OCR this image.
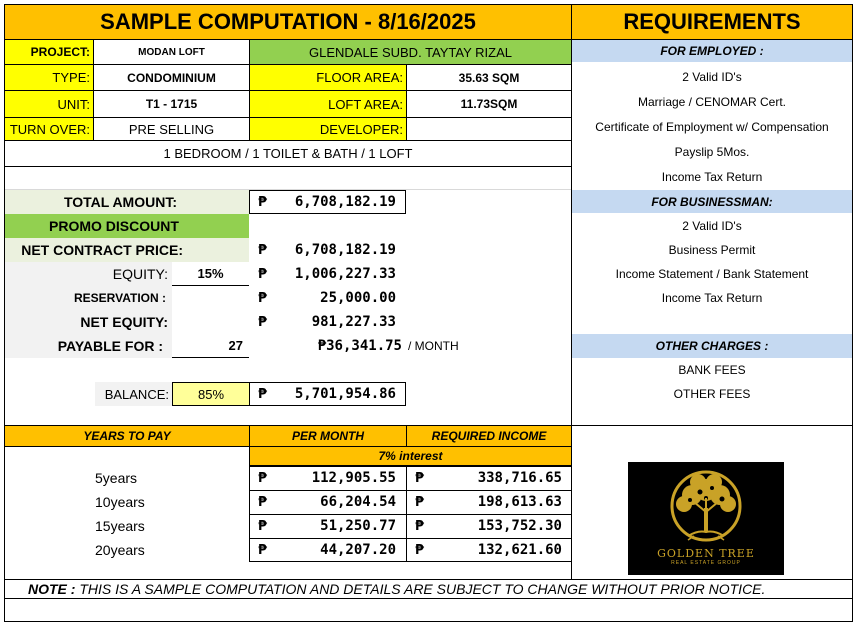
SAMPLE COMPUTATION - 8/16/2025	REQUIREMENTS
PROJECT:	MODAN LOFT	GLENDALE SUBD. TAYTAY RIZAL
TYPE:	CONDOMINIUM	FLOOR AREA:	35.63 SQM
UNIT:	T1 - 1715	LOFT AREA:	11.73SQM
TURN OVER:	PRE SELLING	DEVELOPER:
1 BEDROOM / 1 TOILET & BATH / 1 LOFT
TOTAL AMOUNT:	₱	6,708,182.19
PROMO DISCOUNT
NET CONTRACT PRICE:	₱	6,708,182.19
EQUITY:	15%	₱	1,006,227.33
RESERVATION :	₱	25,000.00
NET EQUITY:	₱	981,227.33
PAYABLE FOR :	27	₱36,341.75 / MONTH
BALANCE:	85%	₱	5,701,954.86
YEARS TO PAY	PER MONTH	REQUIRED INCOME
7% interest
5years	₱	112,905.55 ₱	338,716.65
10years	₱	66,204.54 ₱	198,613.63
15years	₱	51,250.77 ₱	153,752.30
20years	₱	44,207.20 ₱	132,621.60
FOR EMPLOYED :
2 Valid ID's
Marriage / CENOMAR Cert.
Certificate of Employment w/ Compensation
Payslip 5Mos.
Income Tax Return
FOR BUSINESSMAN:
2 Valid ID's
Business Permit
Income Statement / Bank Statement
Income Tax Return
OTHER CHARGES :
BANK FEES
OTHER FEES
GOLDEN TREE
REAL ESTATE GROUP
NOTE : THIS IS A SAMPLE COMPUTATION AND DETAILS ARE SUBJECT TO CHANGE WITHOUT PRIOR NOTICE.
